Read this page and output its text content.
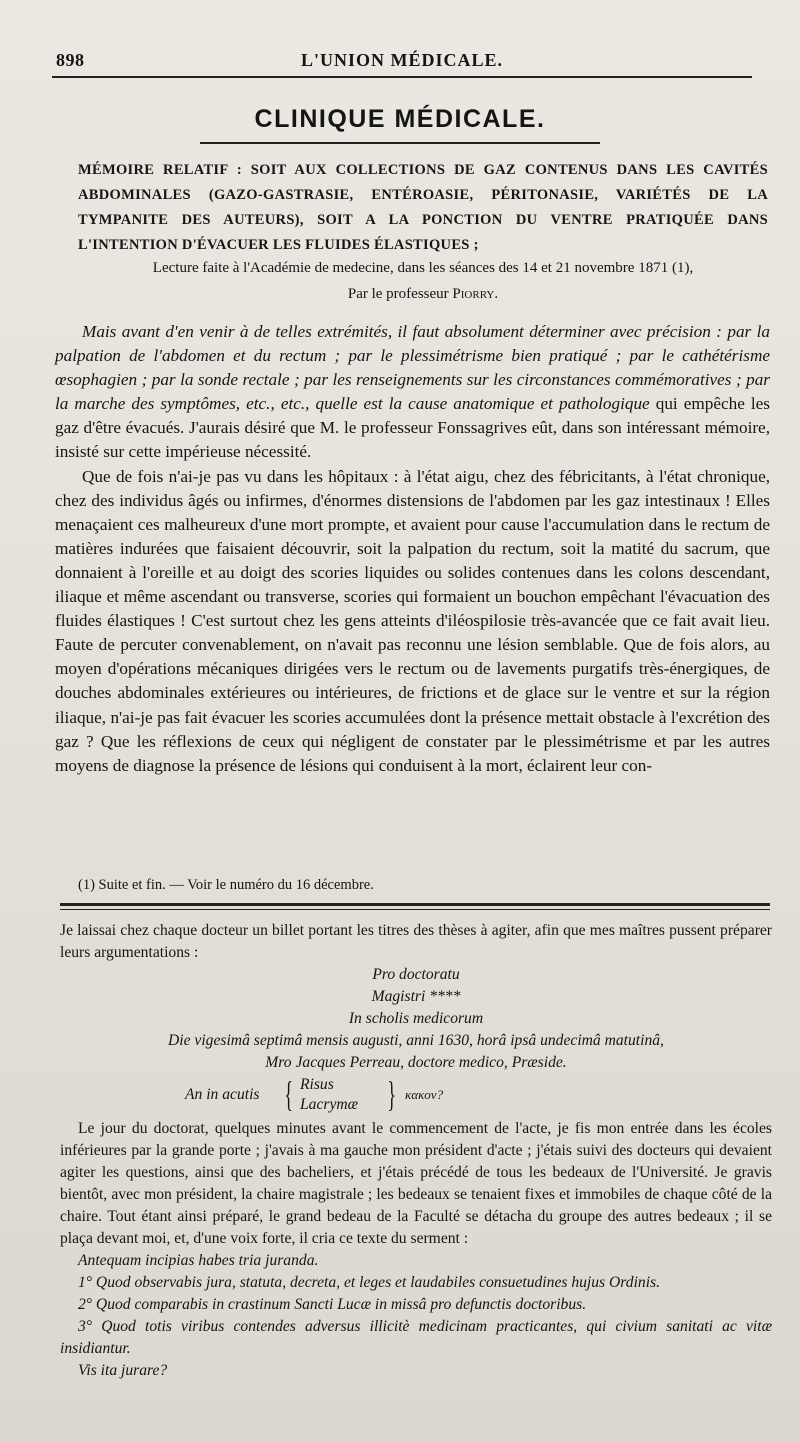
898	L'UNION MÉDICALE.
CLINIQUE MÉDICALE.
MÉMOIRE RELATIF : SOIT AUX COLLECTIONS DE GAZ CONTENUS DANS LES CAVITÉS ABDOMINALES (GAZO-GASTRASIE, ENTÉROASIE, PÉRITONASIE, VARIÉTÉS DE LA TYMPANITE DES AUTEURS), SOIT A LA PONCTION DU VENTRE PRATIQUÉE DANS L'INTENTION D'ÉVACUER LES FLUIDES ÉLASTIQUES ;
Lecture faite à l'Académie de medecine, dans les séances des 14 et 21 novembre 1871 (1),
Par le professeur Piorry.

Mais avant d'en venir à de telles extrémités, il faut absolument déterminer avec précision : par la palpation de l'abdomen et du rectum ; par le plessimétrisme bien pratiqué ; par le cathétérisme œsophagien ; par la sonde rectale ; par les renseignements sur les circonstances commémoratives ; par la marche des symptômes, etc., etc., quelle est la cause anatomique et pathologique qui empêche les gaz d'être évacués. J'aurais désiré que M. le professeur Fonssagrives eût, dans son intéressant mémoire, insisté sur cette impérieuse nécessité.

Que de fois n'ai-je pas vu dans les hôpitaux : à l'état aigu, chez des fébricitants, à l'état chronique, chez des individus âgés ou infirmes, d'énormes distensions de l'abdomen par les gaz intestinaux ! Elles menaçaient ces malheureux d'une mort prompte, et avaient pour cause l'accumulation dans le rectum de matières indurées que faisaient découvrir, soit la palpation du rectum, soit la matité du sacrum, que donnaient à l'oreille et au doigt des scories liquides ou solides contenues dans les colons descendant, iliaque et même ascendant ou transverse, scories qui formaient un bouchon empêchant l'évacuation des fluides élastiques ! C'est surtout chez les gens atteints d'iléospilosie très-avancée que ce fait avait lieu. Faute de percuter convenablement, on n'avait pas reconnu une lésion semblable. Que de fois alors, au moyen d'opérations mécaniques dirigées vers le rectum ou de lavements purgatifs très-énergiques, de douches abdominales extérieures ou intérieures, de frictions et de glace sur le ventre et sur la région iliaque, n'ai-je pas fait évacuer les scories accumulées dont la présence mettait obstacle à l'excrétion des gaz ? Que les réflexions de ceux qui négligent de constater par le plessimétrisme et par les autres moyens de diagnose la présence de lésions qui conduisent à la mort, éclairent leur con-

(1) Suite et fin. — Voir le numéro du 16 décembre.

Je laissai chez chaque docteur un billet portant les titres des thèses à agiter, afin que mes maîtres pussent préparer leurs argumentations :

Pro doctoratu

Magistri ****

In scholis medicorum

Die vigesimâ septimâ mensis augusti, anni 1630, horâ ipsâ undecimâ matutinâ,

Mro Jacques Perreau, doctore medico, Præside.

An in acutis { Risus
Lacrymæ } κακον?

Le jour du doctorat, quelques minutes avant le commencement de l'acte, je fis mon entrée dans les écoles inférieures par la grande porte ; j'avais à ma gauche mon président d'acte ; j'étais suivi des docteurs qui devaient agiter les questions, ainsi que des bacheliers, et j'étais précédé de tous les bedeaux de l'Université. Je gravis bientôt, avec mon président, la chaire magistrale ; les bedeaux se tenaient fixes et immobiles de chaque côté de la chaire. Tout étant ainsi préparé, le grand bedeau de la Faculté se détacha du groupe des autres bedeaux ; il se plaça devant moi, et, d'une voix forte, il cria ce texte du serment :

Antequam incipias habes tria juranda.

1° Quod observabis jura, statuta, decreta, et leges et laudabiles consuetudines hujus Ordinis.

2° Quod comparabis in crastinum Sancti Lucæ in missâ pro defunctis doctoribus.

3° Quod totis viribus contendes adversus illicitè medicinam practicantes, qui civium sanitati ac vitæ insidiantur.

Vis ita jurare?
